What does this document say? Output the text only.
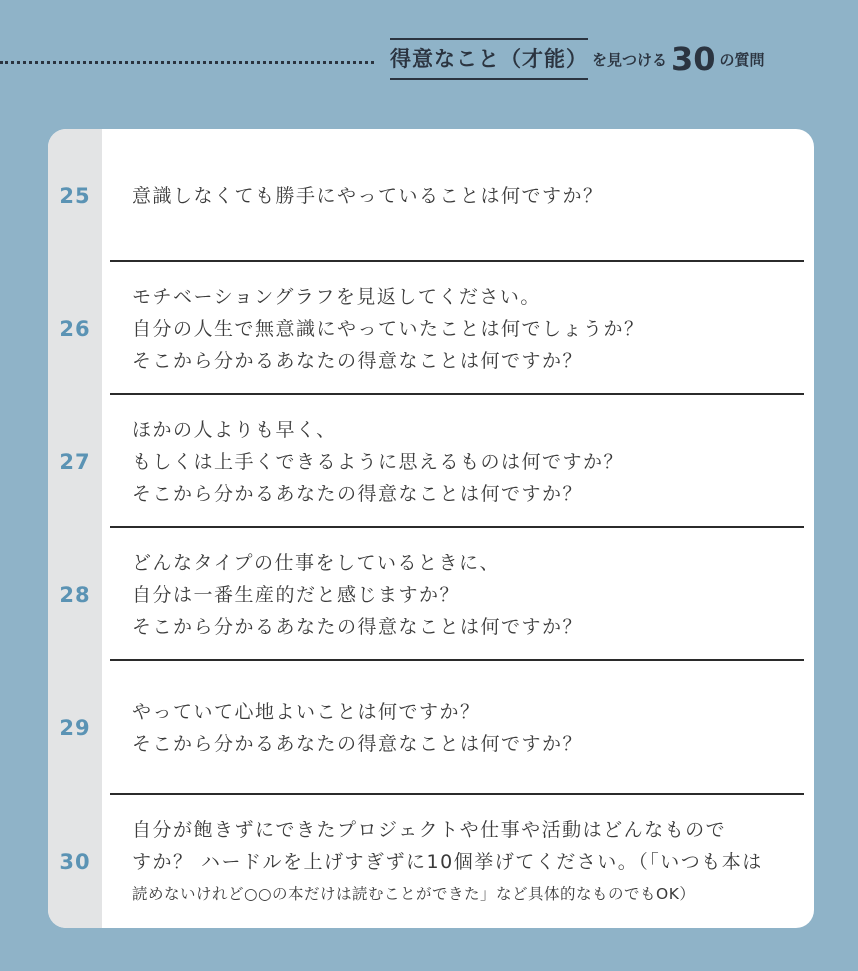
得意なこと（才能） を見つける 30 の質問
25	意識しなくても勝手にやっていることは何ですか？
26
モチベーショングラフを見返してください。
自分の人生で無意識にやっていたことは何でしょうか？
そこから分かるあなたの得意なことは何ですか？
27
ほかの人よりも早く、
もしくは上手くできるように思えるものは何ですか？
そこから分かるあなたの得意なことは何ですか？
28
どんなタイプの仕事をしているときに、
自分は一番生産的だと感じますか？
そこから分かるあなたの得意なことは何ですか？
29
やっていて心地よいことは何ですか？
そこから分かるあなたの得意なことは何ですか？
30
自分が飽きずにできたプロジェクトや仕事や活動はどんなもので
すか？ ハードルを上げすぎずに10個挙げてください。（「いつも本は
読めないけれど○○の本だけは読むことができた」など具体的なものでもOK）
